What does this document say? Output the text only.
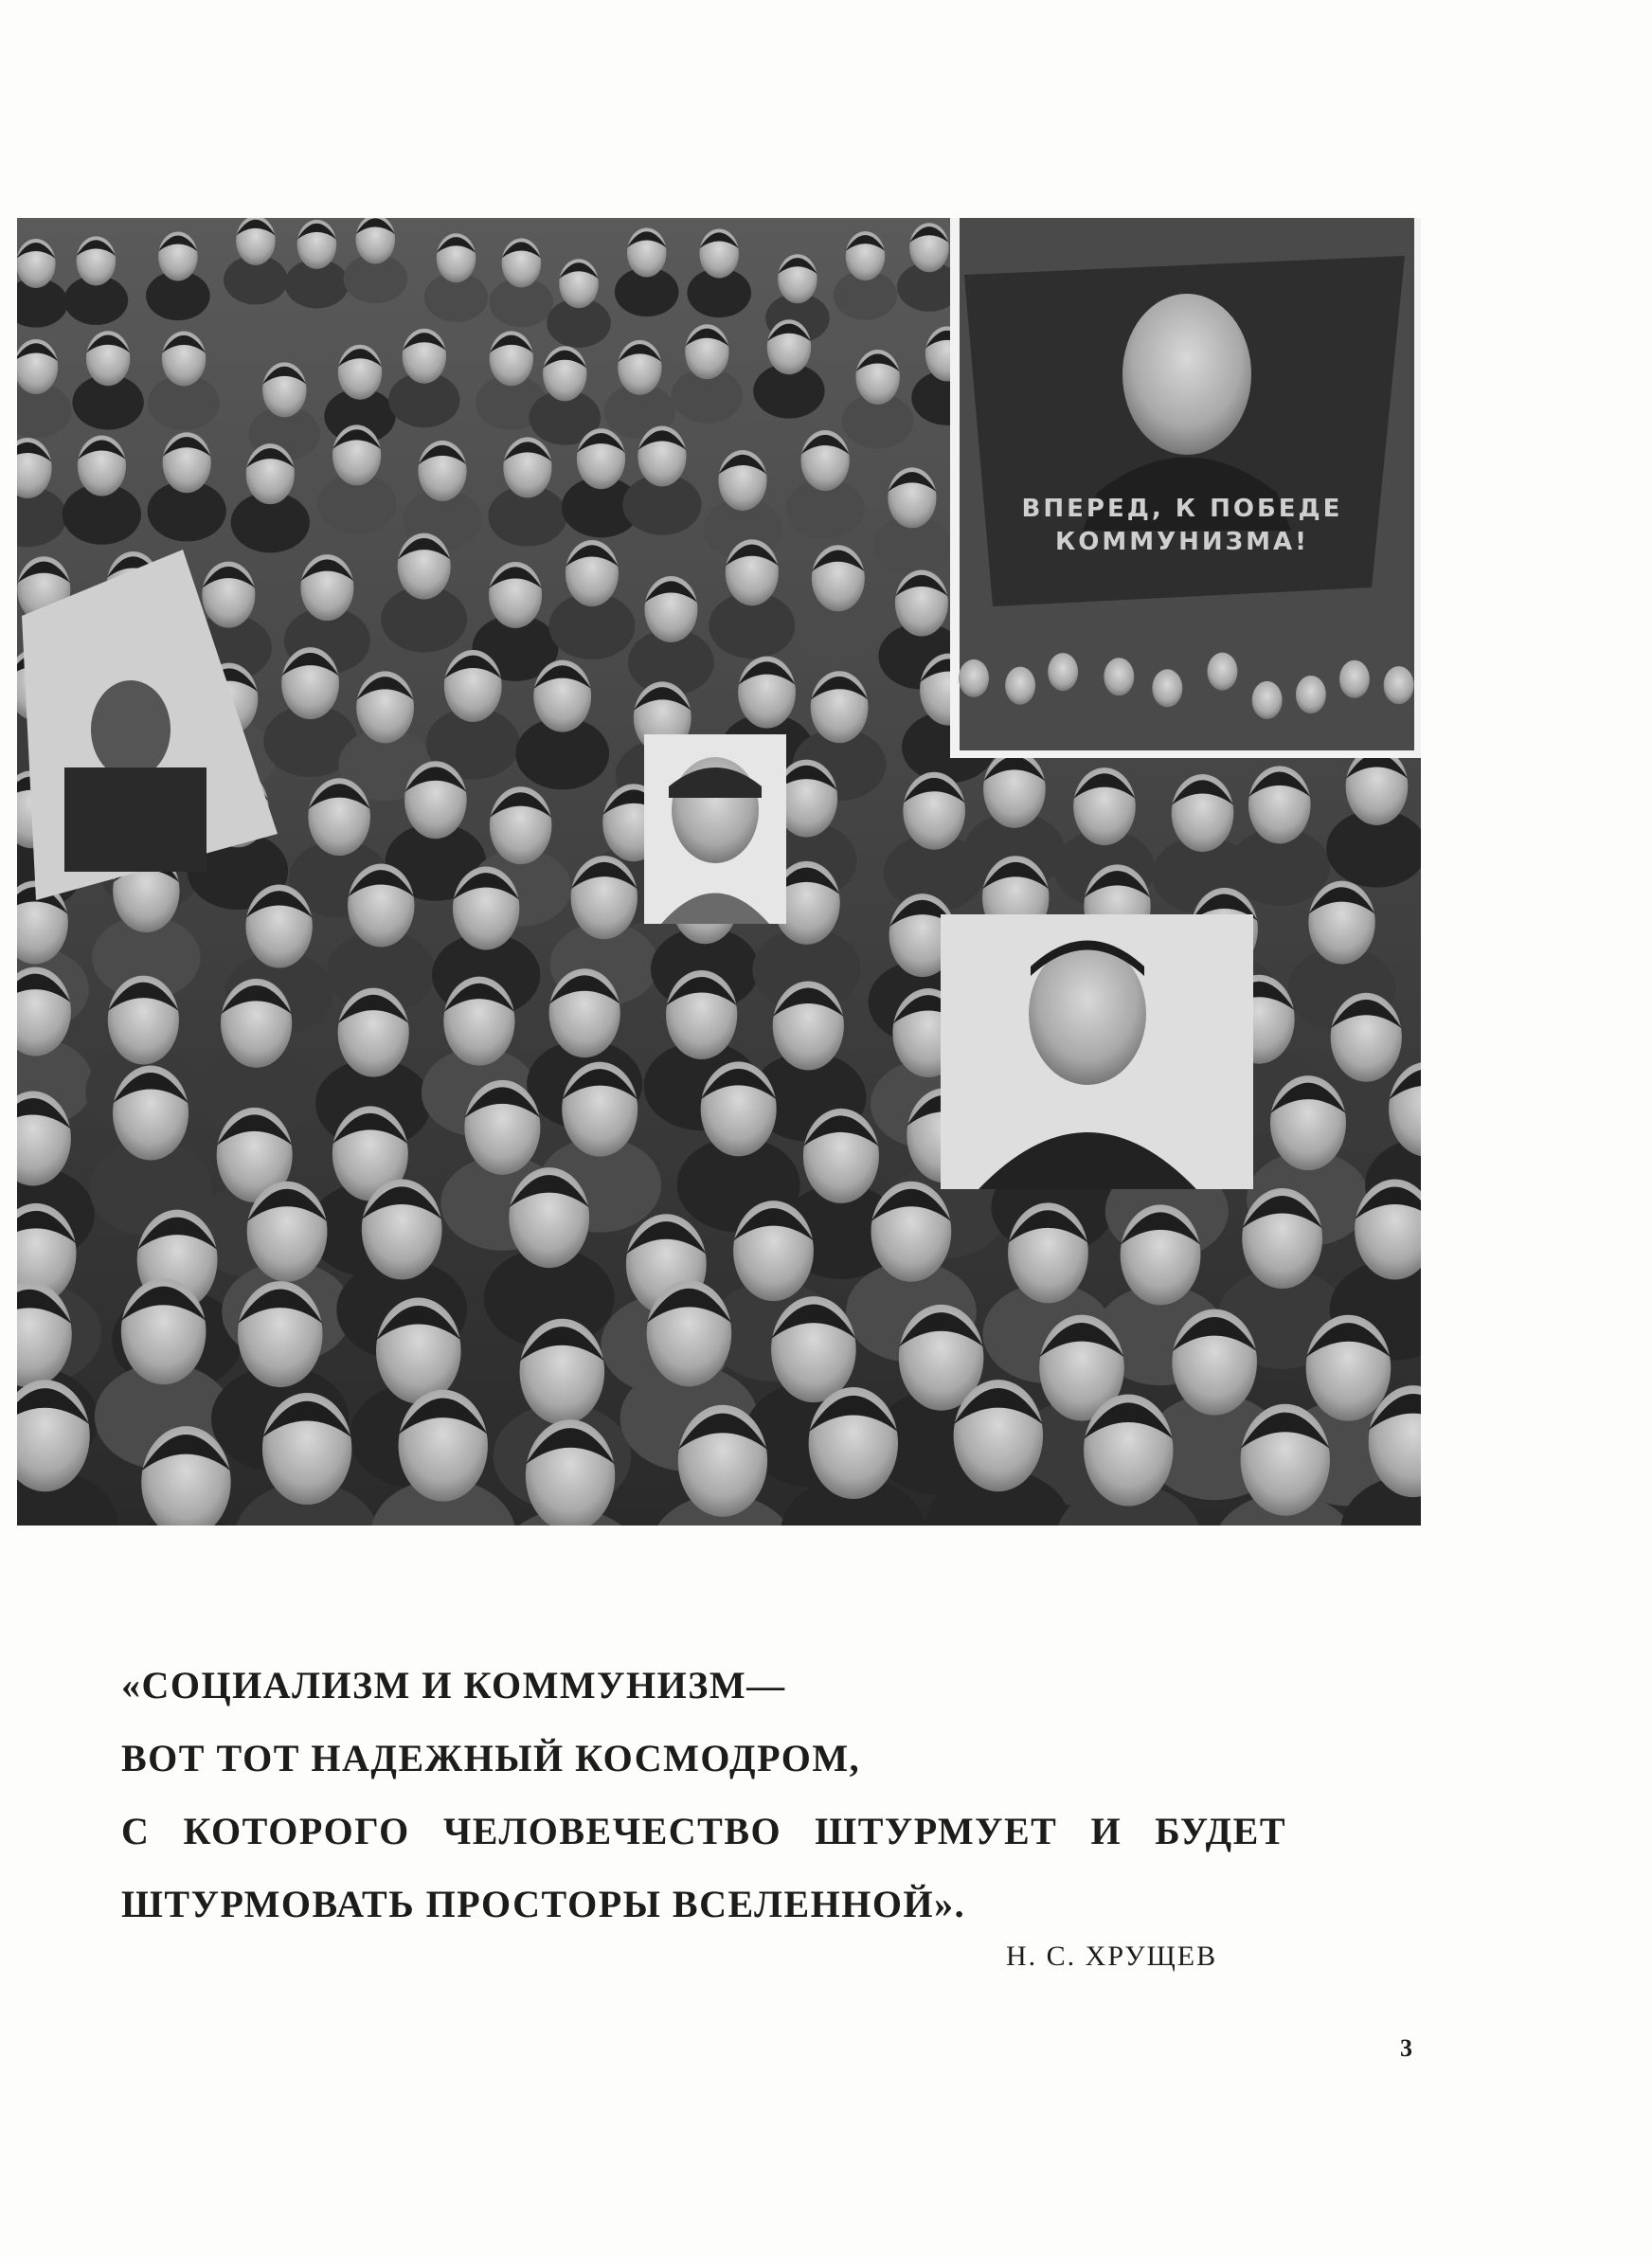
ВПЕРЕД, К ПОБЕДЕ
КОММУНИЗМА!
«СОЦИАЛИЗМ И КОММУНИЗМ—
ВОТ ТОТ НАДЕЖНЫЙ КОСМОДРОМ,
С КОТОРОГО ЧЕЛОВЕЧЕСТВО ШТУРМУЕТ И БУДЕТ
ШТУРМОВАТЬ ПРОСТОРЫ ВСЕЛЕННОЙ».
Н. С. ХРУЩЕВ
3
